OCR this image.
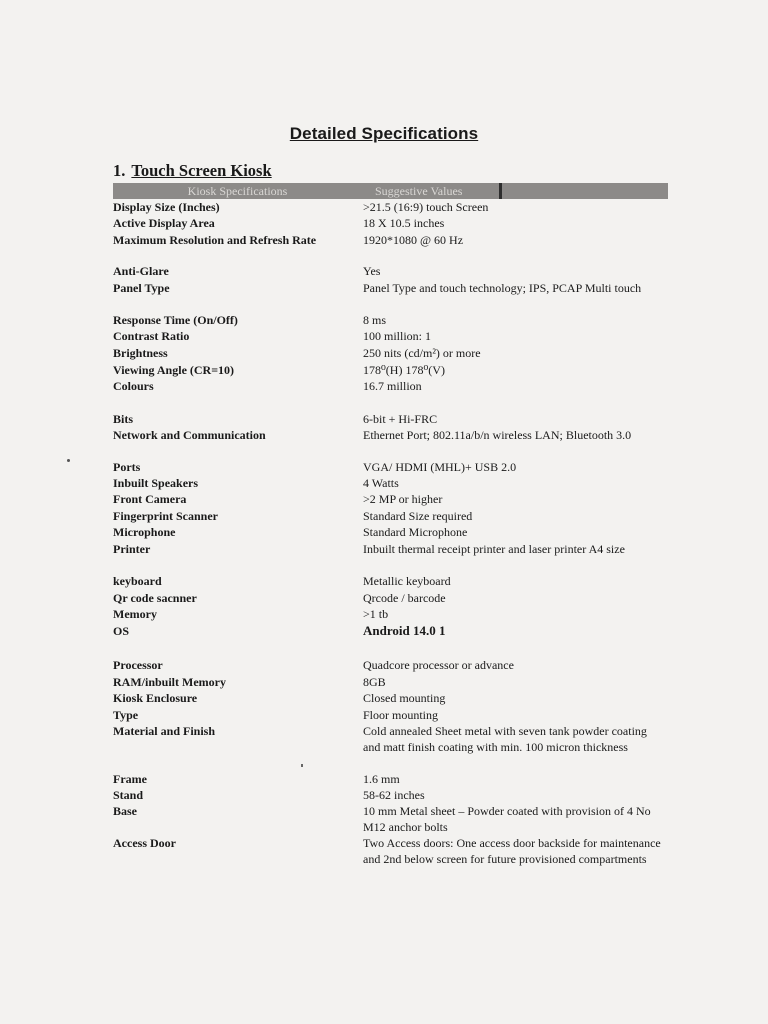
Detailed Specifications
1. Touch Screen Kiosk
Kiosk Specifications	Suggestive Values
Display Size (Inches)	>21.5 (16:9) touch Screen
Active Display Area	18 X 10.5 inches
Maximum Resolution and Refresh Rate	1920*1080 @ 60 Hz
Anti-Glare	Yes
Panel Type	Panel Type and touch technology; IPS, PCAP Multi touch
Response Time (On/Off)	8 ms
Contrast Ratio	100 million: 1
Brightness	250 nits (cd/m²) or more
Viewing Angle (CR=10)	178⁰(H) 178⁰(V)
Colours	16.7 million
Bits	6-bit + Hi-FRC
Network and Communication	Ethernet Port; 802.11a/b/n wireless LAN; Bluetooth 3.0
Ports	VGA/ HDMI (MHL)+ USB 2.0
Inbuilt Speakers	4 Watts
Front Camera	>2 MP or higher
Fingerprint Scanner	Standard Size required
Microphone	Standard Microphone
Printer	Inbuilt thermal receipt printer and laser printer A4 size
keyboard	Metallic keyboard
Qr code sacnner	Qrcode / barcode
Memory	>1 tb
OS	Android 14.0 1
Processor	Quadcore processor or advance
RAM/inbuilt Memory	8GB
Kiosk Enclosure	Closed mounting
Type	Floor mounting
Material and Finish	Cold annealed Sheet metal with seven tank powder coating and matt finish coating with min. 100 micron thickness
Frame	1.6 mm
Stand	58-62 inches
Base	10 mm Metal sheet – Powder coated with provision of 4 No M12 anchor bolts
Access Door	Two Access doors: One access door backside for maintenance and 2nd below screen for future provisioned compartments
